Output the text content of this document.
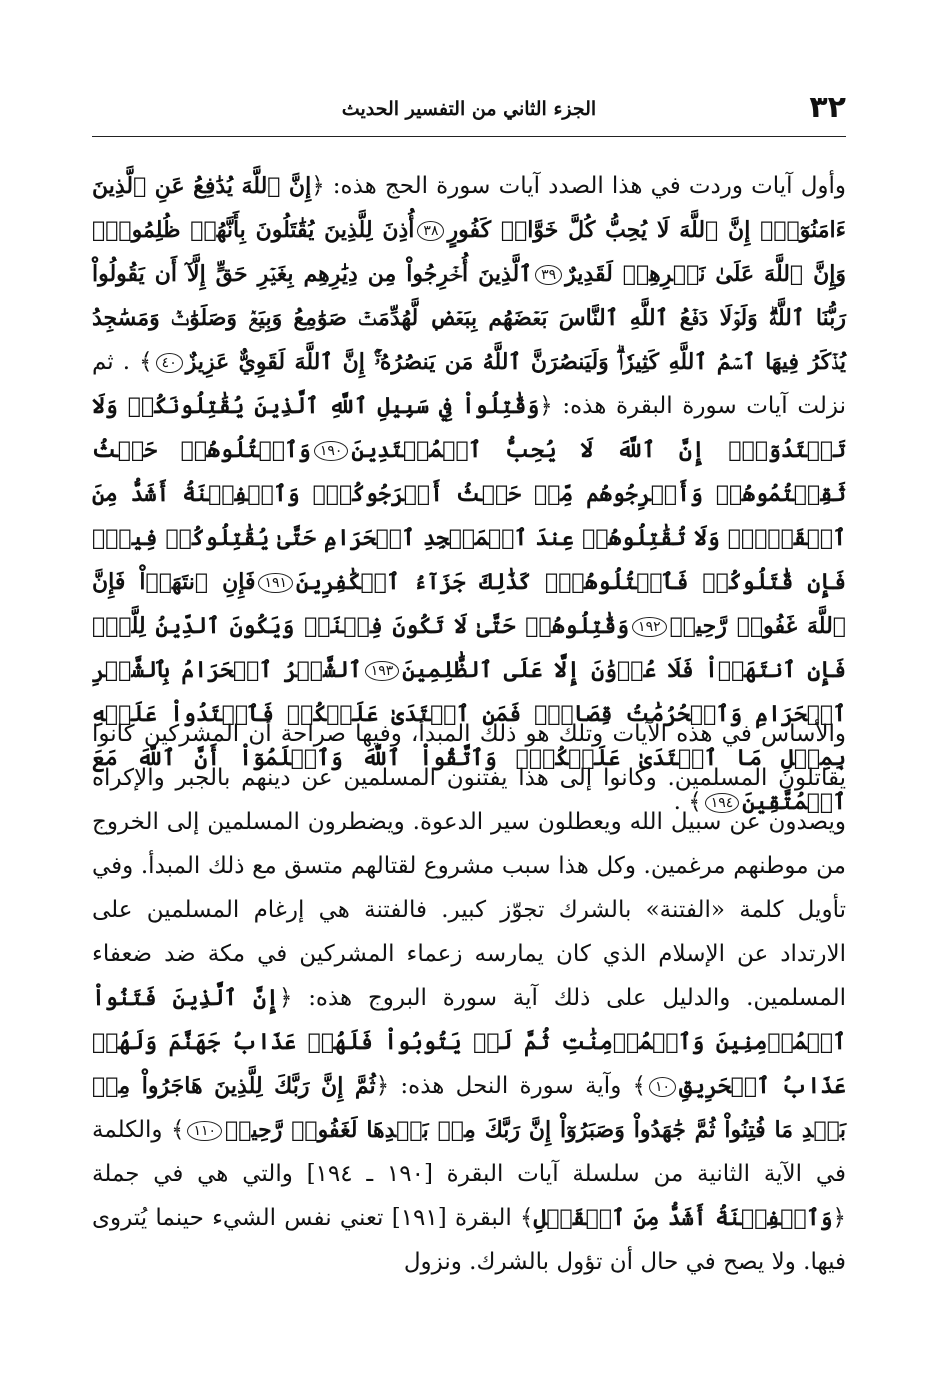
٣٢
الجزء الثاني من التفسير الحديث

وأول آيات وردت في هذا الصدد آيات سورة الحج هذه: ﴿إِنَّ ٱللَّهَ يُدَٰفِعُ عَنِ ٱلَّذِينَ ءَامَنُوٓاْۗ إِنَّ ٱللَّهَ لَا يُحِبُّ كُلَّ خَوَّانٖ كَفُورٍ٣٨أُذِنَ لِلَّذِينَ يُقَٰتَلُونَ بِأَنَّهُمۡ ظُلِمُواْۚ وَإِنَّ ٱللَّهَ عَلَىٰ نَصۡرِهِمۡ لَقَدِيرٌ٣٩ٱلَّذِينَ أُخۡرِجُواْ مِن دِيَٰرِهِم بِغَيۡرِ حَقٍّ إِلَّآ أَن يَقُولُواْ رَبُّنَا ٱللَّهُۗ وَلَوۡلَا دَفۡعُ ٱللَّهِ ٱلنَّاسَ بَعۡضَهُم بِبَعۡضٖ لَّهُدِّمَتۡ صَوَٰمِعُ وَبِيَعٞ وَصَلَوَٰتٞ وَمَسَٰجِدُ يُذۡكَرُ فِيهَا ٱسۡمُ ٱللَّهِ كَثِيرٗاۗ وَلَيَنصُرَنَّ ٱللَّهُ مَن يَنصُرُهُۥٓۚ إِنَّ ٱللَّهَ لَقَوِيٌّ عَزِيزٌ٤٠﴾ . ثم نزلت آيات سورة البقرة هذه: ﴿وَقَٰتِلُواْ فِي سَبِيلِ ٱللَّهِ ٱلَّذِينَ يُقَٰتِلُونَكُمۡ وَلَا تَعۡتَدُوٓاْۚ إِنَّ ٱللَّهَ لَا يُحِبُّ ٱلۡمُعۡتَدِينَ١٩٠وَٱقۡتُلُوهُمۡ حَيۡثُ ثَقِفۡتُمُوهُمۡ وَأَخۡرِجُوهُم مِّنۡ حَيۡثُ أَخۡرَجُوكُمۡۚ وَٱلۡفِتۡنَةُ أَشَدُّ مِنَ ٱلۡقَتۡلِۚ وَلَا تُقَٰتِلُوهُمۡ عِندَ ٱلۡمَسۡجِدِ ٱلۡحَرَامِ حَتَّىٰ يُقَٰتِلُوكُمۡ فِيهِۖ فَإِن قَٰتَلُوكُمۡ فَٱقۡتُلُوهُمۡۗ كَذَٰلِكَ جَزَآءُ ٱلۡكَٰفِرِينَ١٩١فَإِنِ ٱنتَهَوۡاْ فَإِنَّ ٱللَّهَ غَفُورٞ رَّحِيمٞ١٩٢وَقَٰتِلُوهُمۡ حَتَّىٰ لَا تَكُونَ فِتۡنَةٞ وَيَكُونَ ٱلدِّينُ لِلَّهِۖ فَإِنِ ٱنتَهَوۡاْ فَلَا عُدۡوَٰنَ إِلَّا عَلَى ٱلظَّٰلِمِينَ١٩٣ٱلشَّهۡرُ ٱلۡحَرَامُ بِٱلشَّهۡرِ ٱلۡحَرَامِ وَٱلۡحُرُمَٰتُ قِصَاصٞۚ فَمَنِ ٱعۡتَدَىٰ عَلَيۡكُمۡ فَٱعۡتَدُواْ عَلَيۡهِ بِمِثۡلِ مَا ٱعۡتَدَىٰ عَلَيۡكُمۡۚ وَٱتَّقُواْ ٱللَّهَ وَٱعۡلَمُوٓاْ أَنَّ ٱللَّهَ مَعَ ٱلۡمُتَّقِينَ١٩٤﴾ .

والأساس في هذه الآيات وتلك هو ذلك المبدأ، وفيها صراحة أن المشركين كانوا يقاتلون المسلمين. وكانوا إلى هذا يفتنون المسلمين عن دينهم بالجبر والإكراه ويصدون عن سبيل الله ويعطلون سير الدعوة. ويضطرون المسلمين إلى الخروج من موطنهم مرغمين. وكل هذا سبب مشروع لقتالهم متسق مع ذلك المبدأ. وفي تأويل كلمة «الفتنة» بالشرك تجوّز كبير. فالفتنة هي إرغام المسلمين على الارتداد عن الإسلام الذي كان يمارسه زعماء المشركين في مكة ضد ضعفاء المسلمين. والدليل على ذلك آية سورة البروج هذه: ﴿إِنَّ ٱلَّذِينَ فَتَنُواْ ٱلۡمُؤۡمِنِينَ وَٱلۡمُؤۡمِنَٰتِ ثُمَّ لَمۡ يَتُوبُواْ فَلَهُمۡ عَذَابُ جَهَنَّمَ وَلَهُمۡ عَذَابُ ٱلۡحَرِيقِ١٠﴾ وآية سورة النحل هذه: ﴿ثُمَّ إِنَّ رَبَّكَ لِلَّذِينَ هَاجَرُواْ مِنۢ بَعۡدِ مَا فُتِنُواْ ثُمَّ جَٰهَدُواْ وَصَبَرُوٓاْ إِنَّ رَبَّكَ مِنۢ بَعۡدِهَا لَغَفُورٞ رَّحِيمٞ١١٠﴾ والكلمة في الآية الثانية من سلسلة آيات البقرة [١٩٠ ـ ١٩٤] والتي هي في جملة ﴿وَٱلۡفِتۡنَةُ أَشَدُّ مِنَ ٱلۡقَتۡلِ﴾ البقرة [١٩١] تعني نفس الشيء حينما يُتروى فيها. ولا يصح في حال أن تؤول بالشرك. ونزول
